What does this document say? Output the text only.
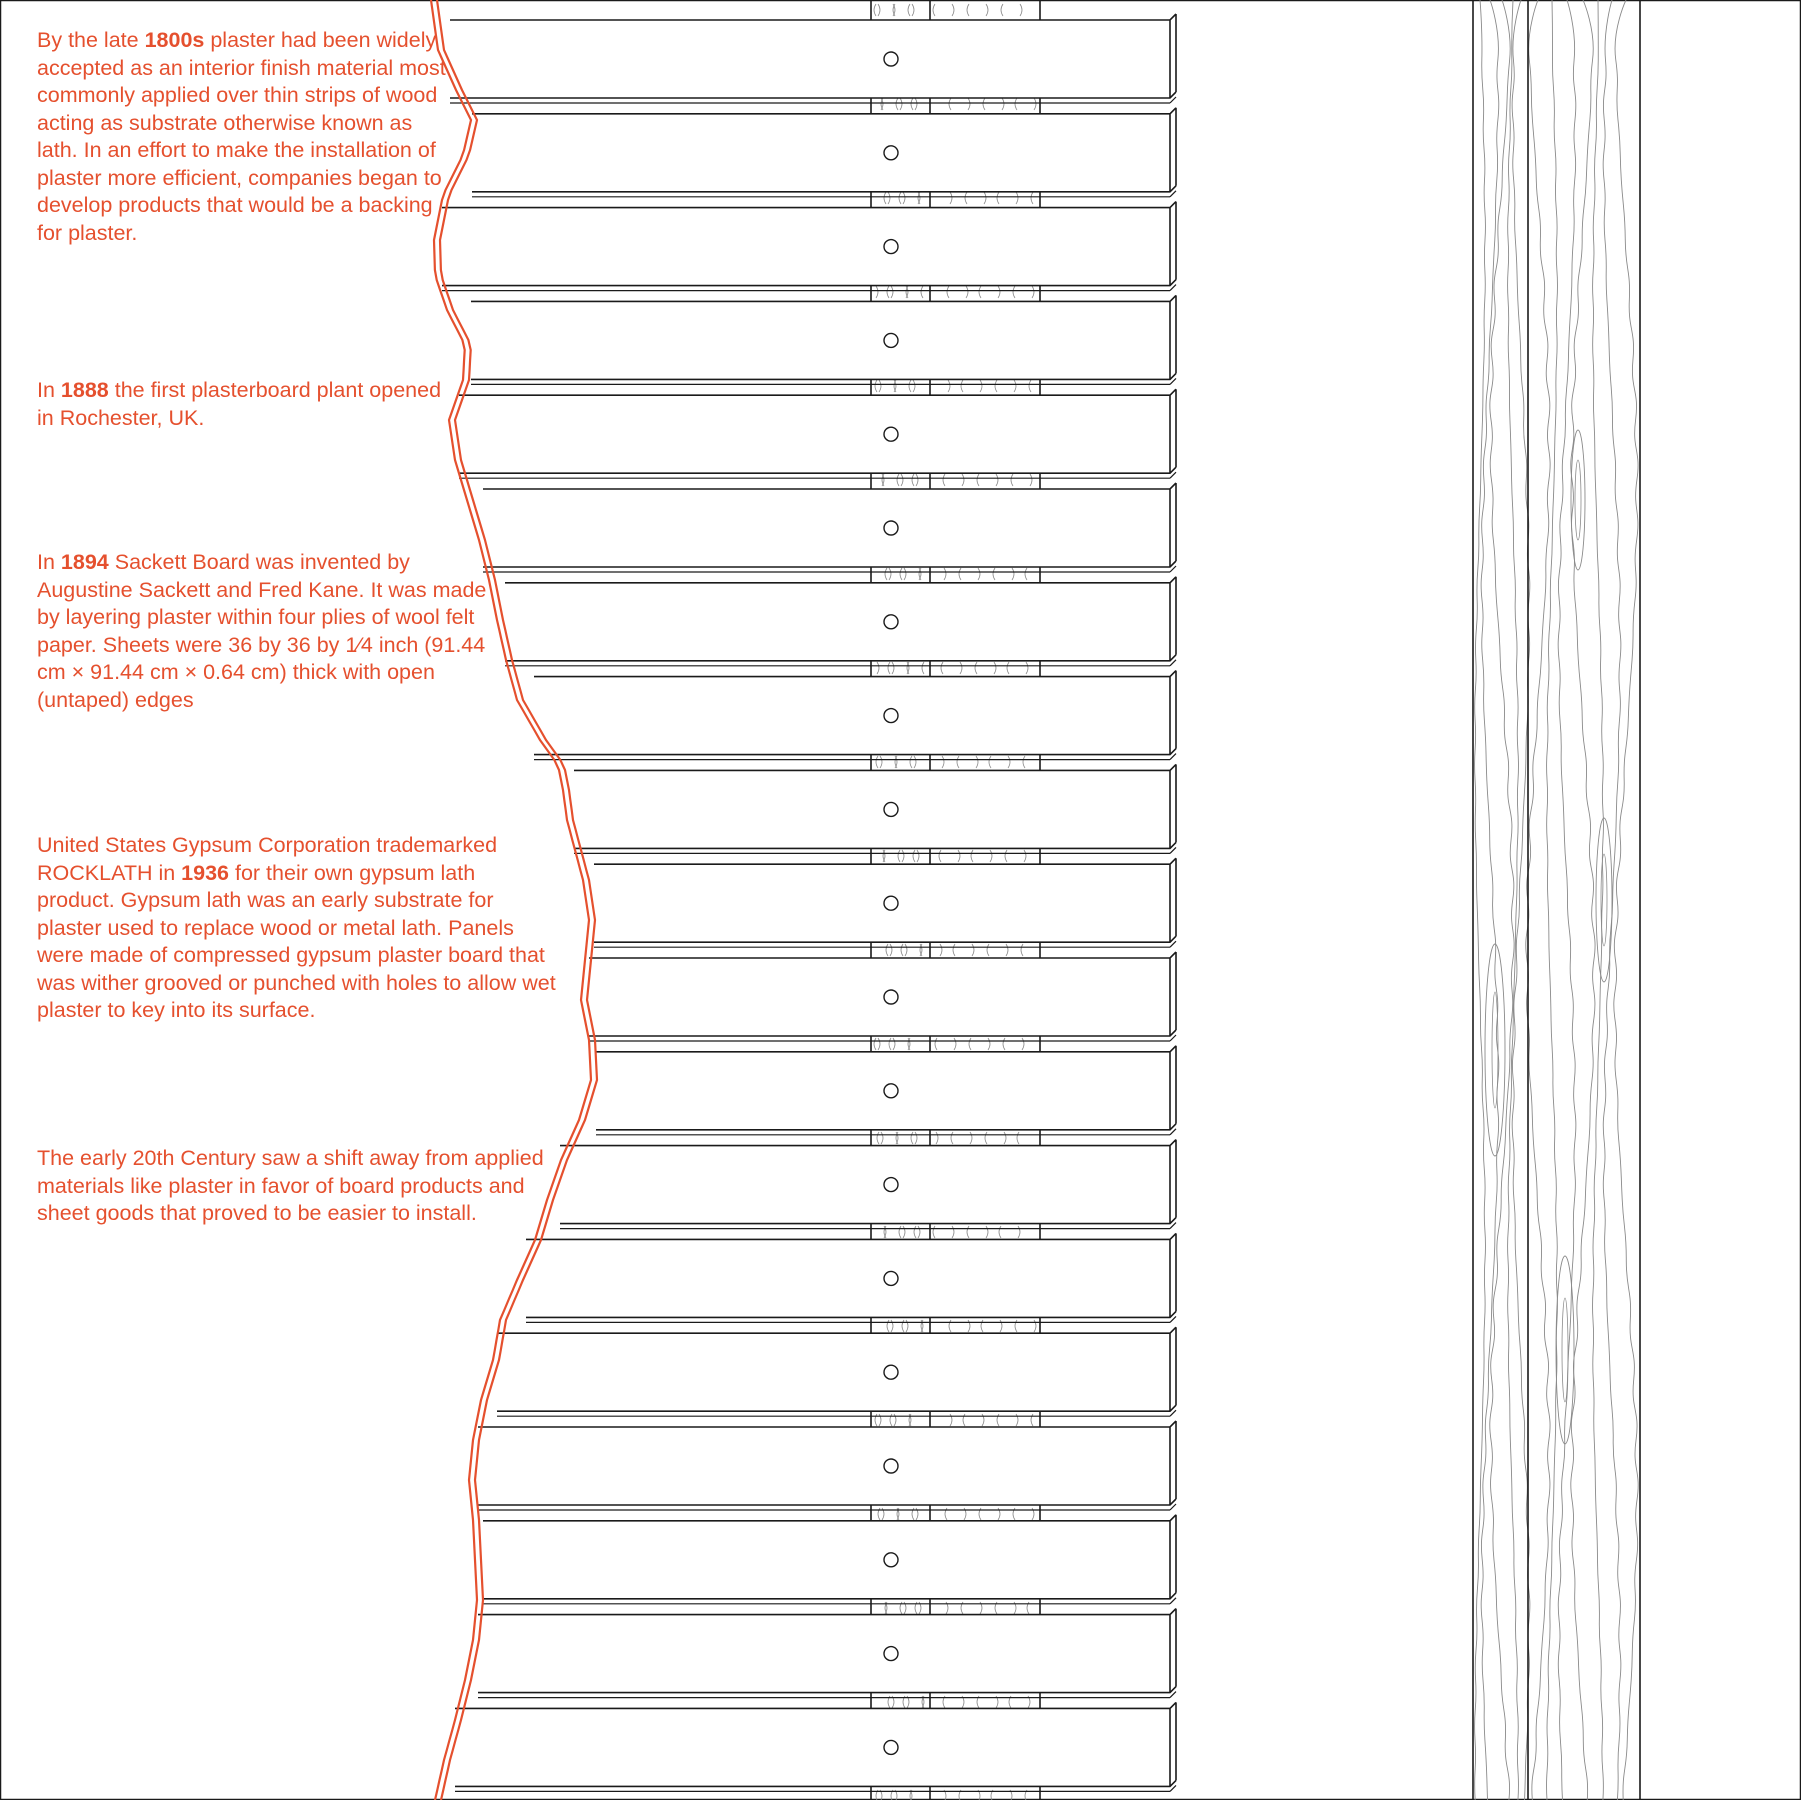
By the late 1800s plaster had been widely accepted as an interior finish material most commonly applied over thin strips of wood acting as substrate otherwise known as lath. In an effort to make the installation of plaster more efficient, companies began to develop products that would be a backing for plaster.

In 1888 the first plasterboard plant opened in Rochester, UK.

In 1894 Sackett Board was invented by Augustine Sackett and Fred Kane. It was made by layering plaster within four plies of wool felt paper. Sheets were 36 by 36 by 1⁄4 inch (91.44 cm × 91.44 cm × 0.64 cm) thick with open (untaped) edges

United States Gypsum Corporation trademarked ROCKLATH in 1936 for their own gypsum lath product. Gypsum lath was an early substrate for plaster used to replace wood or metal lath. Panels were made of compressed gypsum plaster board that was wither grooved or punched with holes to allow wet plaster to key into its surface.

The early 20th Century saw a shift away from applied materials like plaster in favor of board products and sheet goods that proved to be easier to install.
